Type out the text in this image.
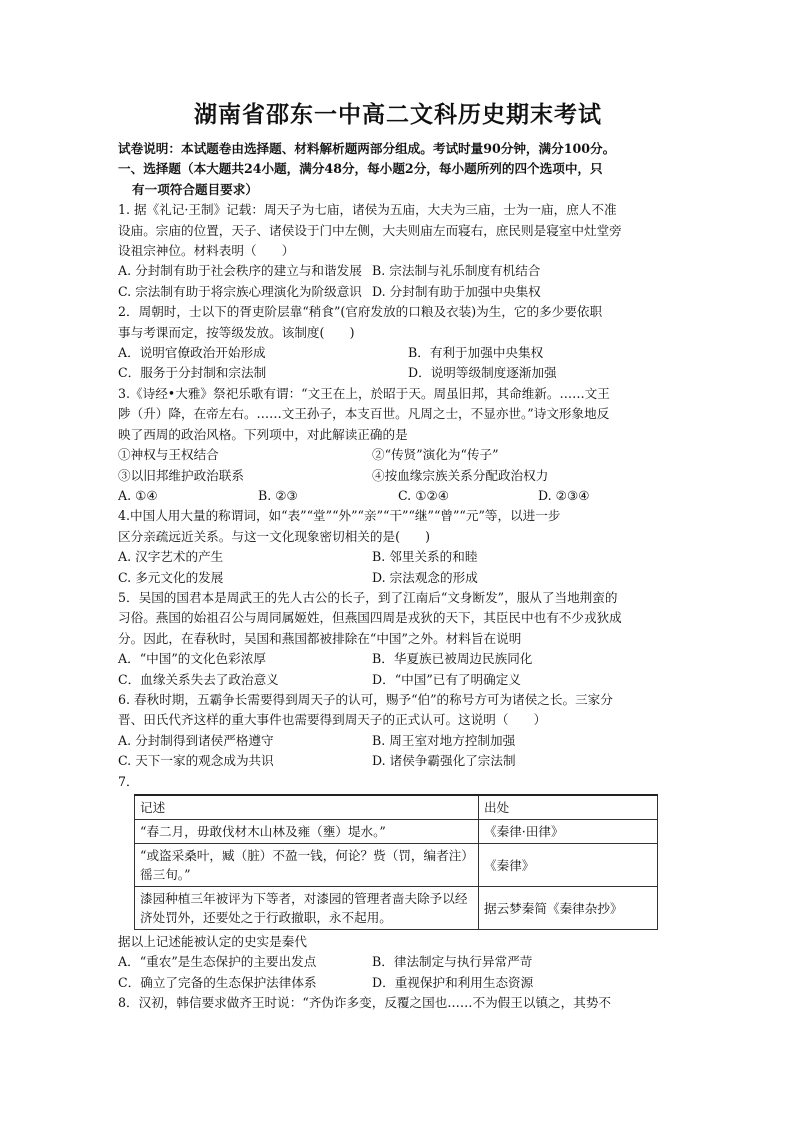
湖南省邵东一中高二文科历史期末考试
试卷说明：本试题卷由选择题、材料解析题两部分组成。考试时量90分钟，满分100分。
一、选择题（本大题共24小题，满分48分，每小题2分，每小题所列的四个选项中，只
有一项符合题目要求）
1. 据《礼记·王制》记载：周天子为七庙，诸侯为五庙，大夫为三庙，士为一庙，庶人不准
设庙。宗庙的位置，天子、诸侯设于门中左侧，大夫则庙左而寝右，庶民则是寝室中灶堂旁
设祖宗神位。材料表明（　　）
A. 分封制有助于社会秩序的建立与和谐发展 B. 宗法制与礼乐制度有机结合
C. 宗法制有助于将宗族心理演化为阶级意识 D. 分封制有助于加强中央集权
2．周朝时，士以下的胥吏阶层靠“稍食”(官府发放的口粮及衣装)为生，它的多少要依职
事与考课而定，按等级发放。该制度(　　)
A．说明官僚政治开始形成	B．有利于加强中央集权
C．服务于分封制和宗法制	D．说明等级制度逐渐加强
3.《诗经•大雅》祭祀乐歌有谓：“文王在上，於昭于天。周虽旧邦，其命维新。……文王
陟（升）降，在帝左右。……文王孙子，本支百世。凡周之士，不显亦世。”诗文形象地反
映了西周的政治风格。下列项中，对此解读正确的是
①神权与王权结合	②“传贤”演化为“传子”
③以旧邦维护政治联系	④按血缘宗族关系分配政治权力
A. ①④	B. ②③	C. ①②④	D. ②③④
4.中国人用大量的称谓词，如“表”“堂”“外”“亲”“干”“继”“曾”“元”等，以进一步
区分亲疏远近关系。与这一文化现象密切相关的是(　　)
A. 汉字艺术的产生	B. 邻里关系的和睦
C. 多元文化的发展	D. 宗法观念的形成
5．吴国的国君本是周武王的先人古公的长子，到了江南后“文身断发”，服从了当地荆蛮的
习俗。燕国的始祖召公与周同属姬姓，但燕国四周是戎狄的天下，其臣民中也有不少戎狄成
分。因此，在春秋时，吴国和燕国都被排除在“中国”之外。材料旨在说明
A．“中国”的文化色彩浓厚	B．华夏族已被周边民族同化
C．血缘关系失去了政治意义	D．“中国”已有了明确定义
6. 春秋时期，五霸争长需要得到周天子的认可，赐予“伯”的称号方可为诸侯之长。三家分
晋、田氏代齐这样的重大事件也需要得到周天子的正式认可。这说明（　　）
A. 分封制得到诸侯严格遵守	B. 周王室对地方控制加强
C. 天下一家的观念成为共识	D. 诸侯争霸强化了宗法制
7．
记述	出处
“春二月，毋敢伐材木山林及雍（壅）堤水。”	《秦律·田律》
“或盗采桑叶，臧（脏）不盈一钱，何论？赀（罚，编者注）徭三旬。”	《秦律》
漆园种植三年被评为下等者，对漆园的管理者啬夫除予以经济处罚外，还要处之于行政撤职，永不起用。	据云梦秦简《秦律杂抄》
据以上记述能被认定的史实是秦代
A．“重农”是生态保护的主要出发点	B．律法制定与执行异常严苛
C．确立了完备的生态保护法律体系	D．重视保护和利用生态资源
8．汉初，韩信要求做齐王时说：“齐伪诈多变，反覆之国也……不为假王以镇之，其势不
